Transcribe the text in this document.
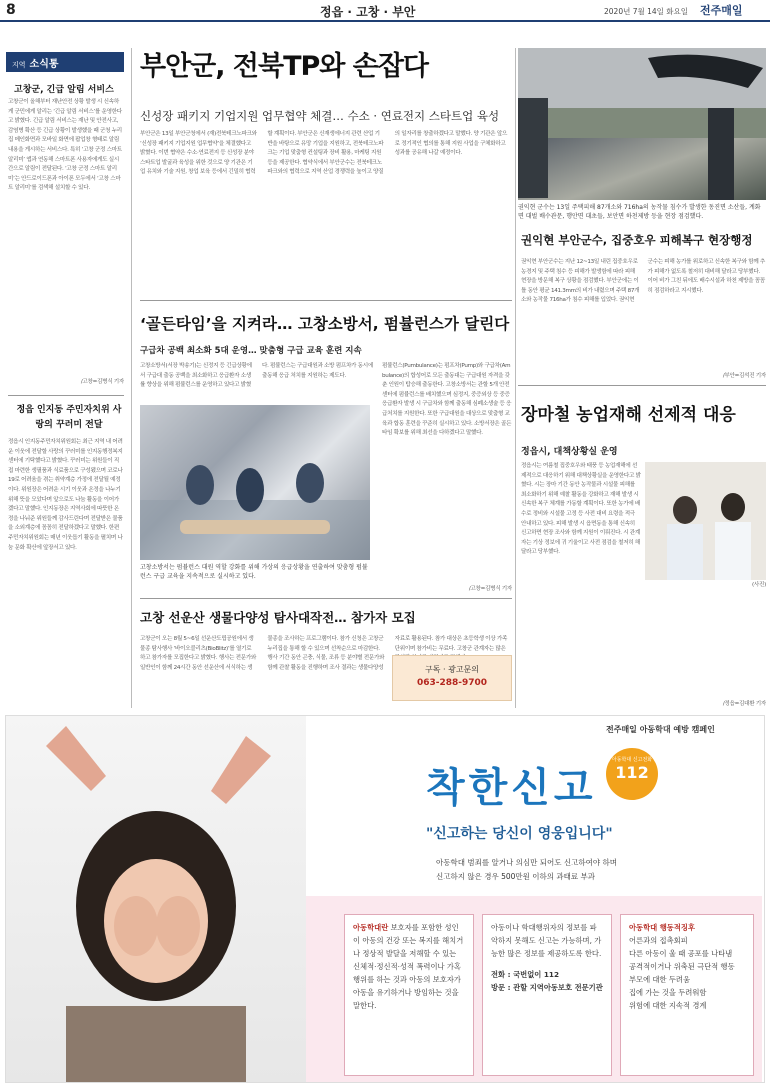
8	정읍 · 고창 · 부안	2020년 7월 14일 화요일 전주매일
지역 소식통
고창군, 긴급 알림 서비스
고창군이 올해부터 재난안전 상황 발생 시 신속하게 군민에게 알리는 ‘긴급 알림 서비스’를 운영한다고 밝혔다. 긴급 알림 서비스는 재난 및 안전사고, 감염병 확산 등 긴급 상황이 발생했을 때 군청 누리집 메인화면과 모바일 화면에 팝업창 형태로 알림 내용을 게시하는 서비스다. 특히 ‘고창 군정 스마트 알리미’ 앱과 연동해 스마트폰 사용자에게도 실시간으로 알림이 전달된다. ‘고창 군정 스마트 알리미’는 안드로이드폰과 아이폰 모두에서 ‘고창 스마트 알리미’를 검색해 설치할 수 있다.
/고창=김병식 기자
정읍 인지동 주민자치위 사랑의 꾸러미 전달
정읍시 인지동주민자치위원회는 최근 지역 내 어려운 이웃에 전달할 사랑의 꾸러미를 인지동행정복지센터에 기탁했다고 밝혔다. 꾸러미는 위원들이 직접 마련한 생필품과 식료품으로 구성됐으며 코로나19로 어려움을 겪는 취약계층 가정에 전달될 예정이다. 위원장은 어려운 시기 이웃과 온정을 나누기 위해 뜻을 모았다며 앞으로도 나눔 활동을 이어가겠다고 말했다. 인지동장은 지역사회에 따뜻한 온정을 나눠준 위원들께 감사드린다며 전달받은 물품을 소외계층에 꼼꼼히 전달하겠다고 말했다. 한편 주민자치위원회는 매년 이웃돕기 활동을 펼치며 나눔 문화 확산에 앞장서고 있다.
부안군, 전북TP와 손잡다
신성장 패키지 기업지원 업무협약 체결… 수소 · 연료전지 스타트업 육성
부안군은 13일 부안군청에서 (재)전북테크노파크와 ‘신성장 패키지 기업지원 업무협약’을 체결했다고 밝혔다. 이번 협약은 수소·연료전지 등 신성장 분야 스타트업 발굴과 육성을 위한 것으로 양 기관은 기업 유치와 기술 지원, 창업 보육 등에서 긴밀히 협력할 계획이다. 부안군은 신재생에너지 관련 산업 기반을 바탕으로 유망 기업을 지원하고, 전북테크노파크는 기업 맞춤형 컨설팅과 장비 활용, 마케팅 지원 등을 제공한다. 협약식에서 부안군수는 전북테크노파크와의 협력으로 지역 산업 경쟁력을 높이고 양질의 일자리를 창출하겠다고 말했다. 양 기관은 앞으로 정기적인 협의를 통해 지원 사업을 구체화하고 성과를 공유해 나갈 예정이다.
‘골든타임’을 지켜라… 고창소방서, 펌뷸런스가 달린다
구급차 공백 최소화 5대 운영… 맞춤형 구급 교육 훈련 지속
고창소방서(서장 박송기)는 신정지 등 긴급상황에서 구급대 출동 공백을 최소화하고 응급환자 소생률 향상을 위해 펌뷸런스를 운영하고 있다고 밝혔다. 펌뷸런스는 구급대원과 소방 펌프차가 동시에 출동해 응급 처치를 지원하는 제도다.
고창소방서는 펌뷸런스 대원 역할 강화를 위해 가상의 응급상황을 연출하여 맞춤형 펌뷸런스 구급 교육을 지속적으로 실시하고 있다.
펌뷸런스(Pumbulance)는 펌프차(Pump)와 구급차(Ambulance)의 합성어로 모든 출동대는 구급대원 자격을 갖춘 인원이 탑승해 출동한다. 고창소방서는 관할 5개 안전센터에 펌뷸런스를 배치했으며 심정지, 중증외상 등 중증 응급환자 발생 시 구급차와 함께 출동해 심폐소생술 등 응급처치를 지원한다. 또한 구급대원을 대상으로 맞춤형 교육과 합동 훈련을 꾸준히 실시하고 있다. 소방서장은 골든타임 확보를 위해 최선을 다하겠다고 말했다.
/고창=김병식 기자
고창 선운산 생물다양성 탐사대작전… 참가자 모집
고창군이 오는 8월 5~6일 선운산도립공원에서 생물종 탐사행사 ‘바이오블리츠(BioBlitz)’를 열기로 하고 참가자를 모집한다고 밝혔다. 행사는 전문가와 일반인이 함께 24시간 동안 선운산에 서식하는 생물종을 조사하는 프로그램이다. 참가 신청은 고창군 누리집을 통해 할 수 있으며 선착순으로 마감한다. 행사 기간 동안 곤충, 식물, 조류 등 분야별 전문가와 함께 관찰 활동을 진행하며 조사 결과는 생물다양성 자료로 활용된다. 참가 대상은 초등학생 이상 가족 단위이며 참가비는 무료다. 고창군 관계자는 많은
구독 · 광고문의
063-288-9700
권익현 군수는 13일 주택피해 87개소와 716ha의 농작물 침수가 발생한 동진면 소산들, 계화면 대벌 배수관문, 행안면 대초들, 보안면 하천제방 등을 현장 점검했다.
권익현 부안군수, 집중호우 피해복구 현장행정
권익현 부안군수는 지난 12~13일 내린 집중호우로 농경지 및 주택 침수 등 피해가 발생함에 따라 피해 현장을 방문해 복구 상황을 점검했다. 부안군에는 이틀 동안 평균 141.3mm의 비가 내렸으며 주택 87개소와 농작물 716ha가 침수 피해를 입었다. 권익현 군수는 피해 농가를 위로하고 신속한 복구와 함께 추가 피해가 없도록 철저히 대비해 달라고 당부했다. 이어 비가 그친 뒤에도 배수시설과 하천 제방을 꼼꼼히 점검하라고 지시했다.
/부안=김석진 기자
장마철 농업재해 선제적 대응
정읍시, 대책상황실 운영
정읍시는 여름철 집중호우와 태풍 등 농업재해에 선제적으로 대응하기 위해 대책상황실을 운영한다고 밝혔다. 시는 장마 기간 동안 농작물과 시설물 피해를 최소화하기 위해 예찰 활동을 강화하고 재해 발생 시 신속한 복구 체계를 가동할 계획이다. 또한 농가에 배수로 정비와 시설물 고정 등 사전 대비 요령을 적극 안내하고 있다. 피해 발생 시 읍면동을 통해 신속히 신고하면 현장 조사와 함께 지원이 이뤄진다. 시 관계자는 기상 정보에 귀 기울이고 사전 점검을 철저히 해 달라고 당부했다.
(사진)
/정읍=김대환 기자
전주매일 아동학대 예방 캠페인
착한신고
아동학대 신고전화
112
"신고하는 당신이 영웅입니다"
아동학대 범죄를 알거나 의심만 되어도 신고하여야 하며
신고하지 않은 경우 500만원 이하의 과태료 부과
아동학대란 보호자를 포함한 성인이 아동의 건강 또는 복지를 해치거나 정상적 발달을 저해할 수 있는 신체적·정신적·성적 폭력이나 가혹행위를 하는 것과 아동의 보호자가 아동을 유기하거나 방임하는 것을 말한다.
아동이나 학대행위자의 정보를 파악하지 못해도 신고는 가능하며, 가능한 많은 정보를 제공하도록 한다.
전화 : 국번없이 112
방문 : 관할 지역아동보호 전문기관
아동학대 행동적징후
어른과의 접촉회피
다른 아동이 울 때 공포를 나타냄
공격적이거나 위축된 극단적 행동
부모에 대한 두려움
집에 가는 것을 두려워함
위험에 대한 지속적 경계
